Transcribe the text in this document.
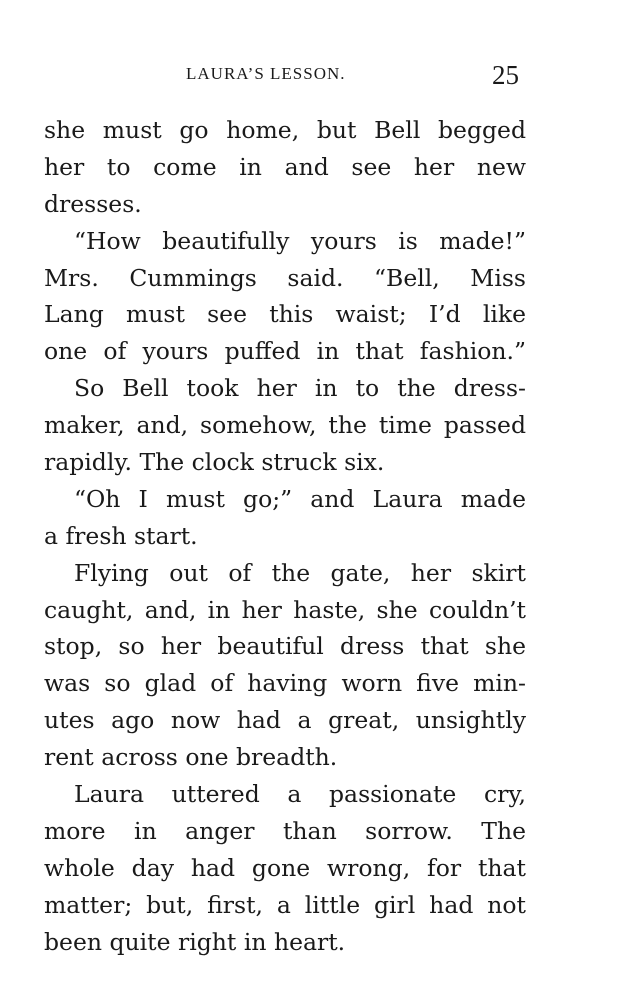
LAURA’S LESSON.	25
she must go home, but Bell begged
her to come in and see her new
dresses.
“How beautifully yours is made!”
Mrs. Cummings said. “Bell, Miss
Lang must see this waist; I’d like
one of yours puffed in that fashion.”
So Bell took her in to the dress-
maker, and, somehow, the time passed
rapidly. The clock struck six.
“Oh I must go;” and Laura made
a fresh start.
Flying out of the gate, her skirt
caught, and, in her haste, she couldn’t
stop, so her beautiful dress that she
was so glad of having worn five min-
utes ago now had a great, unsightly
rent across one breadth.
Laura uttered a passionate cry,
more in anger than sorrow. The
whole day had gone wrong, for that
matter; but, first, a little girl had not
been quite right in heart.
